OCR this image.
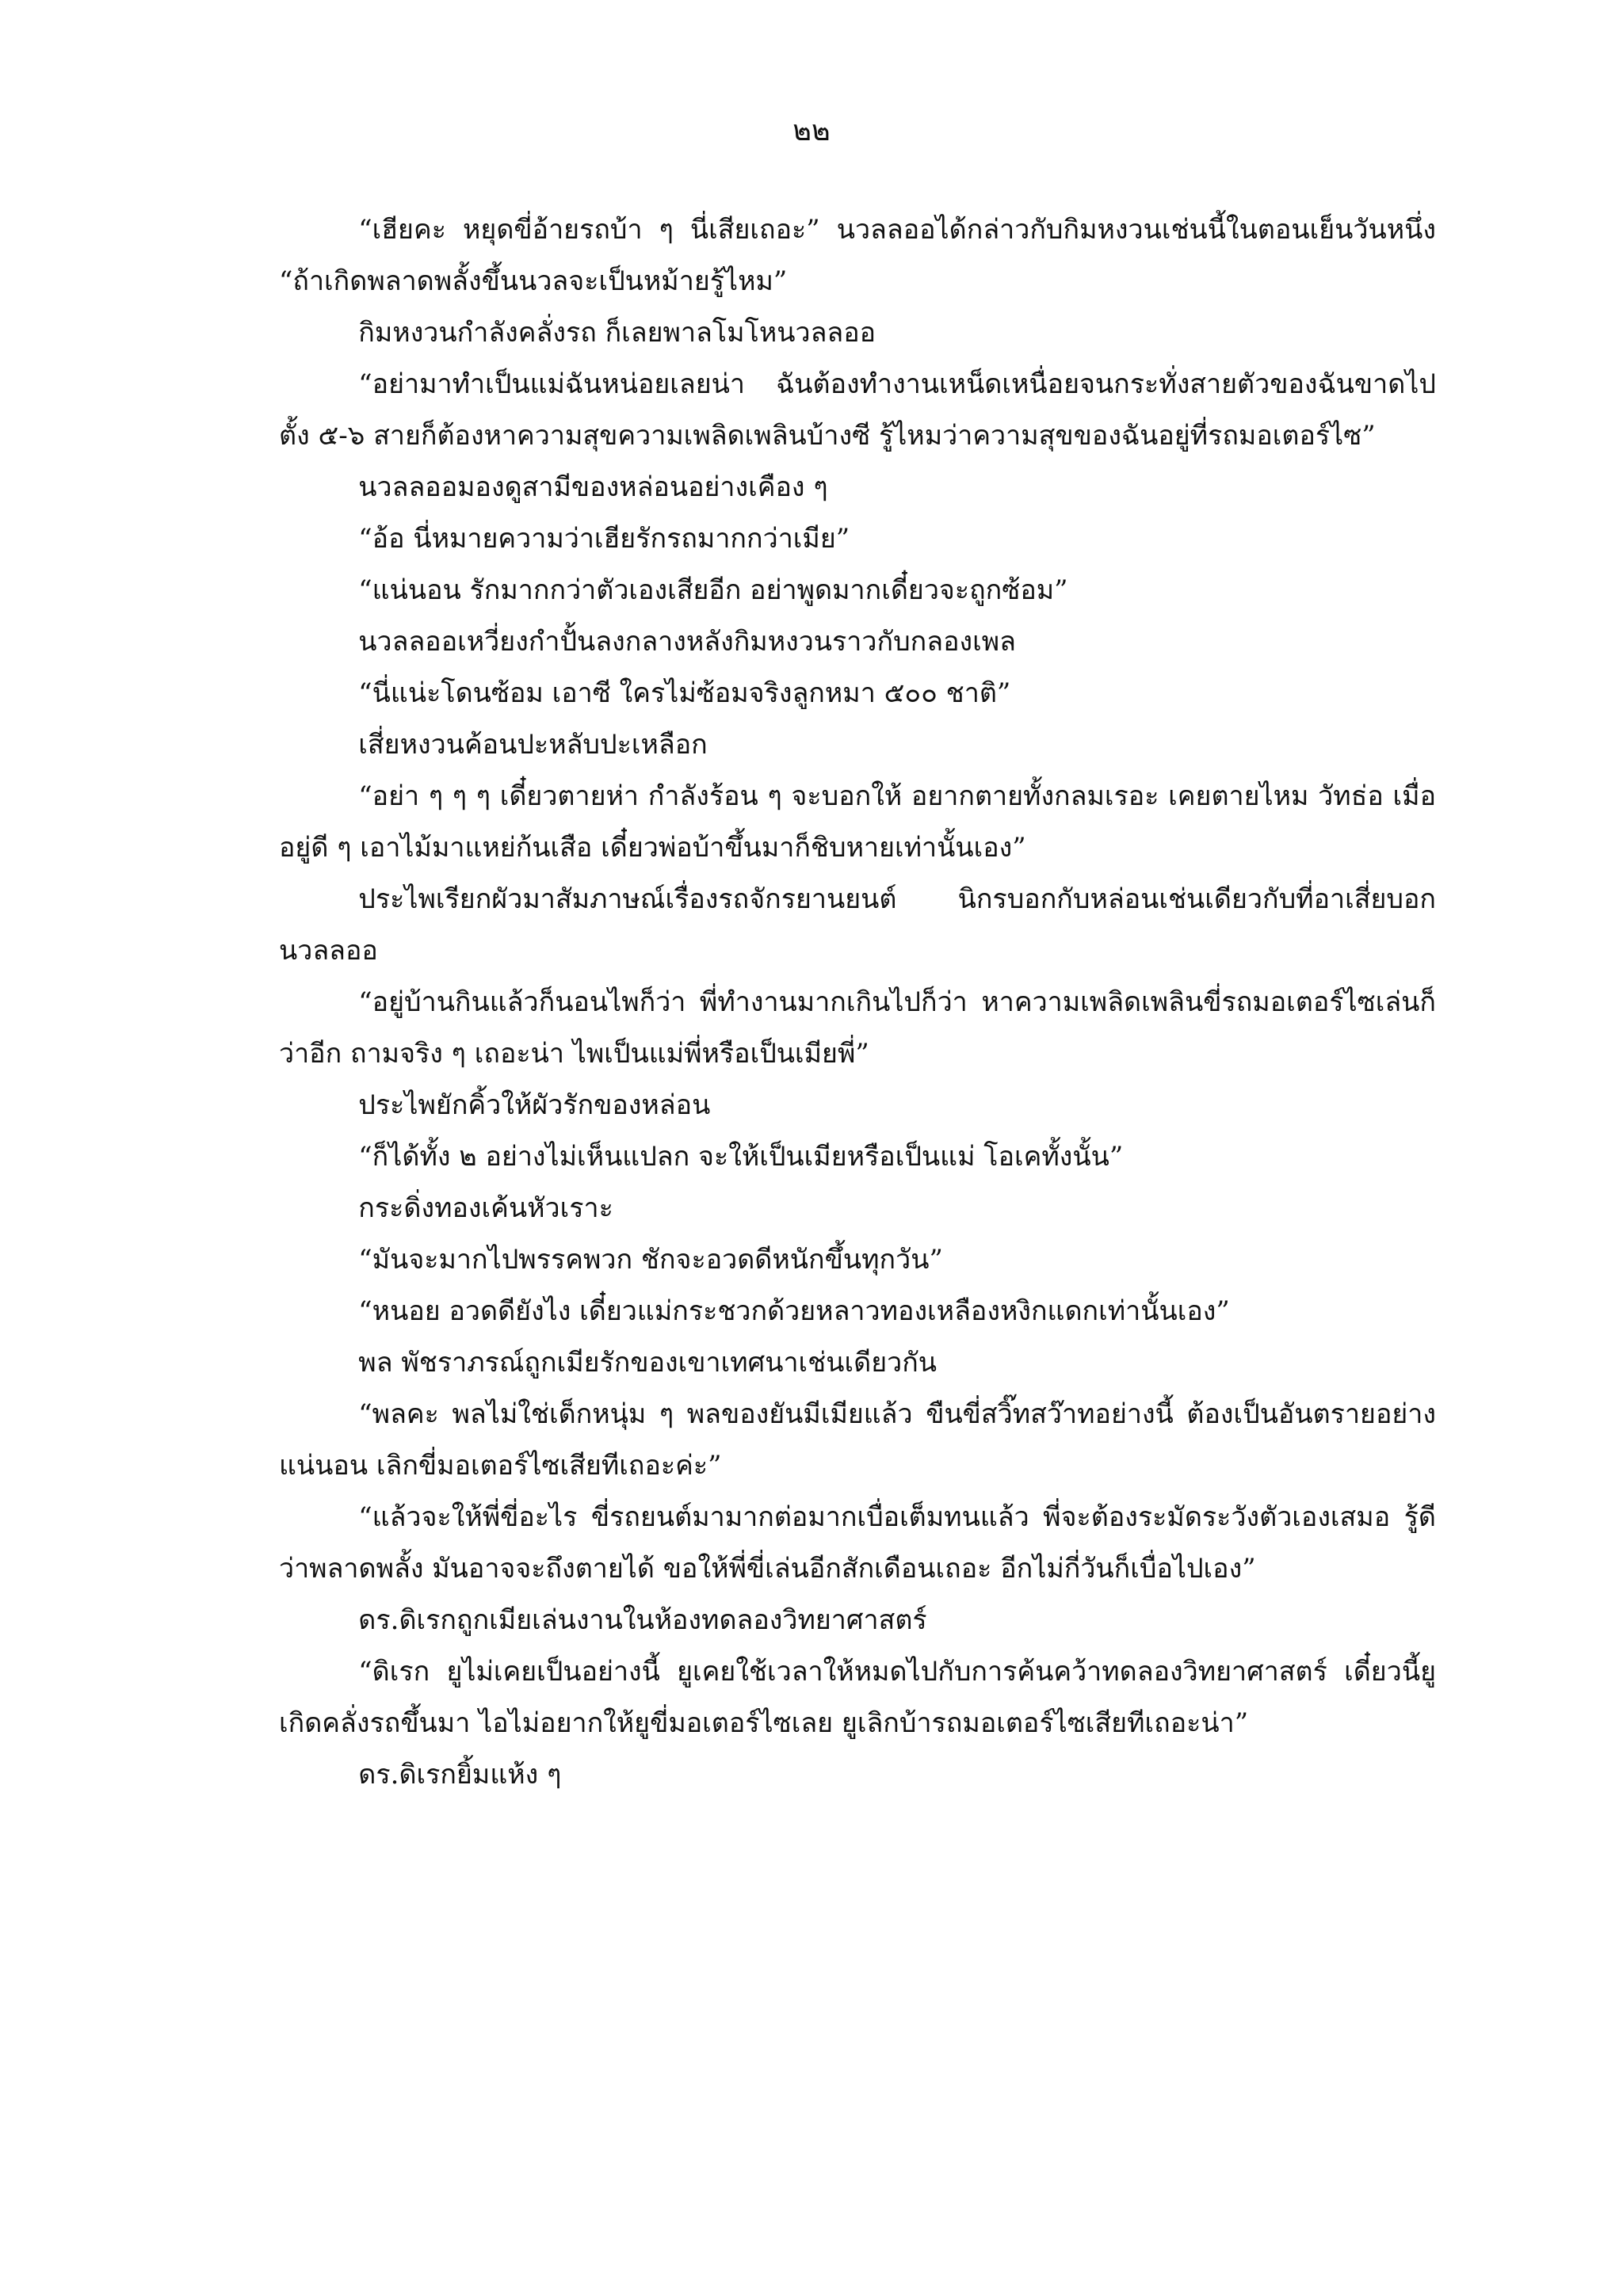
๒๒

“เฮียคะ หยุดขี่อ้ายรถบ้า ๆ นี่เสียเถอะ” นวลลออได้กล่าวกับกิมหงวนเช่นนี้ในตอนเย็นวันหนึ่ง “ถ้าเกิดพลาดพลั้งขึ้นนวลจะเป็นหม้ายรู้ไหม”

กิมหงวนกำลังคลั่งรถ ก็เลยพาลโมโหนวลลออ

“อย่ามาทำเป็นแม่ฉันหน่อยเลยน่า ฉันต้องทำงานเหน็ดเหนื่อยจนกระทั่งสายตัวของฉันขาดไปตั้ง ๕-๖ สายก็ต้องหาความสุขความเพลิดเพลินบ้างซี รู้ไหมว่าความสุขของฉันอยู่ที่รถมอเตอร์ไซ”

นวลลออมองดูสามีของหล่อนอย่างเคือง ๆ

“อ้อ นี่หมายความว่าเฮียรักรถมากกว่าเมีย”

“แน่นอน รักมากกว่าตัวเองเสียอีก อย่าพูดมากเดี๋ยวจะถูกซ้อม”

นวลลออเหวี่ยงกำปั้นลงกลางหลังกิมหงวนราวกับกลองเพล

“นี่แน่ะโดนซ้อม เอาซี ใครไม่ซ้อมจริงลูกหมา ๕๐๐ ชาติ”

เสี่ยหงวนค้อนปะหลับปะเหลือก

“อย่า ๆ ๆ ๆ เดี๋ยวตายห่า กำลังร้อน ๆ จะบอกให้ อยากตายทั้งกลมเรอะ เคยตายไหม วัทธ่อ เมื่ออยู่ดี ๆ เอาไม้มาแหย่ก้นเสือ เดี๋ยวพ่อบ้าขึ้นมาก็ชิบหายเท่านั้นเอง”

ประไพเรียกผัวมาสัมภาษณ์เรื่องรถจักรยานยนต์ นิกรบอกกับหล่อนเช่นเดียวกับที่อาเสี่ยบอกนวลลออ

“อยู่บ้านกินแล้วก็นอนไพก็ว่า พี่ทำงานมากเกินไปก็ว่า หาความเพลิดเพลินขี่รถมอเตอร์ไซเล่นก็ว่าอีก ถามจริง ๆ เถอะน่า ไพเป็นแม่พี่หรือเป็นเมียพี่”

ประไพยักคิ้วให้ผัวรักของหล่อน

“ก็ได้ทั้ง ๒ อย่างไม่เห็นแปลก จะให้เป็นเมียหรือเป็นแม่ โอเคทั้งนั้น”

กระดิ่งทองเค้นหัวเราะ

“มันจะมากไปพรรคพวก ชักจะอวดดีหนักขึ้นทุกวัน”

“หนอย อวดดียังไง เดี๋ยวแม่กระชวกด้วยหลาวทองเหลืองหงิกแดกเท่านั้นเอง”

พล พัชราภรณ์ถูกเมียรักของเขาเทศนาเช่นเดียวกัน

“พลคะ พลไม่ใช่เด็กหนุ่ม ๆ พลของยันมีเมียแล้ว ขืนขี่สวิ๊ทสว๊าทอย่างนี้ ต้องเป็นอันตรายอย่างแน่นอน เลิกขี่มอเตอร์ไซเสียทีเถอะค่ะ”

“แล้วจะให้พี่ขี่อะไร ขี่รถยนต์มามากต่อมากเบื่อเต็มทนแล้ว พี่จะต้องระมัดระวังตัวเองเสมอ รู้ดีว่าพลาดพลั้ง มันอาจจะถึงตายได้ ขอให้พี่ขี่เล่นอีกสักเดือนเถอะ อีกไม่กี่วันก็เบื่อไปเอง”

ดร.ดิเรกถูกเมียเล่นงานในห้องทดลองวิทยาศาสตร์

“ดิเรก ยูไม่เคยเป็นอย่างนี้ ยูเคยใช้เวลาให้หมดไปกับการค้นคว้าทดลองวิทยาศาสตร์ เดี๋ยวนี้ยูเกิดคลั่งรถขึ้นมา ไอไม่อยากให้ยูขี่มอเตอร์ไซเลย ยูเลิกบ้ารถมอเตอร์ไซเสียทีเถอะน่า”

ดร.ดิเรกยิ้มแห้ง ๆ
